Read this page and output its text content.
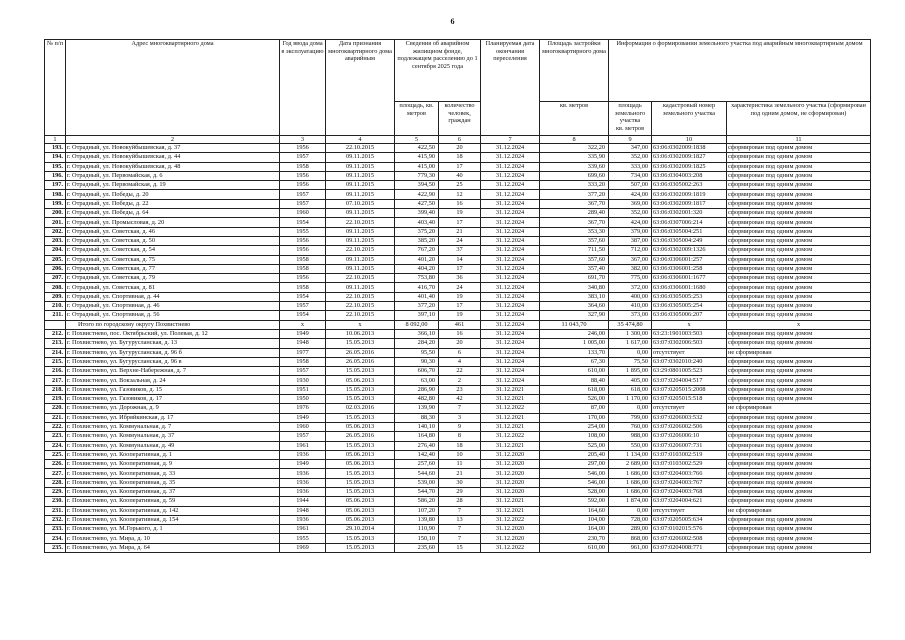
6
№ п/п	Адрес многоквартирного дома	Год ввода дома в эксплуатацию	Дата признания многоквартирного дома аварийным	Сведения об аварийном жилищном фонде, подлежащем расселению до 1 сентября 2025 года		Планируемая дата окончания переселения	Площадь застройки многоквартирного дома	Информация о формировании земельного участка под аварийным многоквартирным домом		
				площадь, кв. метров	количество человек, граждан		кв. метров	площадь земельного участка
кв. метров	кадастровый номер земельного участка	характеристика земельного участка (сформирован под одним домом, не сформирован)
1	2	3	4	5	6	7	8	9	10	11
193.	г. Отрадный, ул. Новокуйбышевская, д. 37	1956	22.10.2015	422,50	20	31.12.2024	322,20	347,00	63:06:0302009:1838	сформирован под одним домом
194.	г. Отрадный, ул. Новокуйбышевская, д. 44	1957	09.11.2015	415,90	18	31.12.2024	335,90	352,00	63:06:0302009:1827	сформирован под одним домом
195.	г. Отрадный, ул. Новокуйбышевская, д. 48	1958	09.11.2015	415,00	17	31.12.2024	339,60	333,00	63:06:0302009:1825	сформирован под одним домом
196.	г. Отрадный, ул. Первомайская, д. 6	1956	09.11.2015	779,30	40	31.12.2024	699,60	734,00	63:06:0304003:208	сформирован под одним домом
197.	г. Отрадный, ул. Первомайская, д. 19	1956	09.11.2015	394,50	25	31.12.2024	333,20	507,00	63:06:0305002:263	сформирован под одним домом
198.	г. Отрадный, ул. Победы, д. 20	1957	09.11.2015	422,90	12	31.12.2024	377,20	424,00	63:06:0302009:1819	сформирован под одним домом
199.	г. Отрадный, ул. Победы, д. 22	1957	07.10.2015	427,50	16	31.12.2024	367,70	369,00	63:06:0302009:1817	сформирован под одним домом
200.	г. Отрадный, ул. Победы, д. 64	1960	09.11.2015	399,40	19	31.12.2024	289,40	352,00	63:06:0302001:320	сформирован под одним домом
201.	г. Отрадный, ул. Промысловая, д. 20	1954	22.10.2015	403,40	17	31.12.2024	367,70	424,00	63:06:0307006:214	сформирован под одним домом
202.	г. Отрадный, ул. Советская, д. 46	1955	09.11.2015	375,20	21	31.12.2024	353,30	379,00	63:06:0305004:251	сформирован под одним домом
203.	г. Отрадный, ул. Советская, д. 50	1956	09.11.2015	385,20	24	31.12.2024	357,60	387,00	63:06:0305004:249	сформирован под одним домом
204.	г. Отрадный, ул. Советская, д. 54	1956	22.10.2015	767,20	37	31.12.2024	711,50	712,00	63:06:0302009:1326	сформирован под одним домом
205.	г. Отрадный, ул. Советская, д. 75	1958	09.11.2015	401,20	14	31.12.2024	357,60	367,00	63:06:0306001:257	сформирован под одним домом
206.	г. Отрадный, ул. Советская, д. 77	1958	09.11.2015	404,20	17	31.12.2024	357,40	382,00	63:06:0306001:258	сформирован под одним домом
207.	г. Отрадный, ул. Советская, д. 79	1956	22.10.2015	753,80	36	31.12.2024	691,70	775,00	63:06:0306001:1677	сформирован под одним домом
208.	г. Отрадный, ул. Советская, д. 81	1958	09.11.2015	416,70	24	31.12.2024	340,80	372,00	63:06:0306001:1680	сформирован под одним домом
209.	г. Отрадный, ул. Спортивная, д. 44	1954	22.10.2015	401,40	19	31.12.2024	383,10	400,00	63:06:0305005:253	сформирован под одним домом
210.	г. Отрадный, ул. Спортивная, д. 46	1957	22.10.2015	377,20	17	31.12.2024	364,60	410,00	63:06:0305005:254	сформирован под одним домом
211.	г. Отрадный, ул. Спортивная, д. 56	1954	22.10.2015	397,10	19	31.12.2024	327,90	373,00	63:06:0305006:207	сформирован под одним домом
	Итого по городскому округу Похвистнево	x	x	8 092,00	461	31.12.2024	11 043,70	35 474,80	x	x
212.	г. Похвистнево, пос. Октябрьский, ул. Полевая, д. 12	1949	10.06.2013	366,10	16	31.12.2024	246,00	1 300,00	63:23:1901003:503	сформирован под одним домом
213.	г. Похвистнево, ул. Бугурусланская, д. 13	1948	15.05.2013	284,20	20	31.12.2024	1 005,00	1 617,00	63:07:0302006:503	сформирован под одним домом
214.	г. Похвистнево, ул. Бугурусланская, д. 96 б	1977	26.05.2016	95,50	6	31.12.2024	133,70	0,00	отсутствует	не сформирован
215.	г. Похвистнево, ул. Бугурусланская, д. 96 в	1958	26.05.2016	90,30	4	31.12.2024	67,30	75,50	63:07:0302010:240	сформирован под одним домом
216.	г. Похвистнево, ул. Верхне-Набережная, д. 7	1957	15.05.2013	606,70	22	31.12.2024	610,00	1 895,00	63:29:0801005:523	сформирован под одним домом
217.	г. Похвистнево, ул. Вокзальная, д. 24	1930	05.06.2013	63,00	2	31.12.2024	88,40	405,00	63:07:0204004:517	сформирован под одним домом
218.	г. Похвистнево, ул. Газовиков, д. 15	1951	15.05.2013	286,90	23	31.12.2021	618,00	618,00	63:07:0205015:2008	сформирован под одним домом
219.	г. Похвистнево, ул. Газовиков, д. 17	1950	15.05.2013	482,80	42	31.12.2021	526,00	1 170,00	63:07:0205015:518	сформирован под одним домом
220.	г. Похвистнево, ул. Дорожная, д. 9	1976	02.03.2016	139,90	7	31.12.2022	87,00	0,00	отсутствует	не сформирован
221.	г. Похвистнево, ул. Ибряйкинская, д. 17	1949	15.05.2013	88,30	3	31.12.2021	170,00	799,00	63:07:0206003:532	сформирован под одним домом
222.	г. Похвистнево, ул. Коммунальная, д. 7	1960	05.06.2013	140,10	9	31.12.2021	254,00	760,00	63:07:0206002:506	сформирован под одним домом
223.	г. Похвистнево, ул. Коммунальная, д. 37	1957	26.05.2016	164,80	8	31.12.2022	108,00	988,00	63:07:0206006:10	сформирован под одним домом
224.	г. Похвистнево, ул. Коммунальная, д. 49	1961	15.05.2013	276,40	18	31.12.2021	525,00	550,00	63:07:0206007:731	сформирован под одним домом
225.	г. Похвистнево, ул. Кооперативная, д. 1	1936	05.06.2013	142,40	10	31.12.2020	205,40	1 134,00	63:07:0103002:519	сформирован под одним домом
226.	г. Похвистнево, ул. Кооперативная, д. 9	1949	05.06.2013	257,60	11	31.12.2020	297,00	2 689,00	63:07:0103002:529	сформирован под одним домом
227.	г. Похвистнево, ул. Кооперативная, д. 33	1936	15.05.2013	544,60	21	31.12.2020	546,00	1 686,00	63:07:0204003:766	сформирован под одним домом
228.	г. Похвистнево, ул. Кооперативная, д. 35	1936	15.05.2013	539,00	30	31.12.2020	546,00	1 686,00	63:07:0204003:767	сформирован под одним домом
229.	г. Похвистнево, ул. Кооперативная, д. 37	1936	15.05.2013	544,70	29	31.12.2020	528,00	1 686,00	63:07:0204003:768	сформирован под одним домом
230.	г. Похвистнево, ул. Кооперативная, д. 59	1944	05.06.2013	586,20	28	31.12.2021	592,00	1 874,00	63:07:0204004:621	сформирован под одним домом
231.	г. Похвистнево, ул. Кооперативная, д. 142	1948	05.06.2013	107,20	7	31.12.2021	164,60	0,00	отсутствует	не сформирован
232.	г. Похвистнево, ул. Кооперативная, д. 154	1936	05.06.2013	139,80	13	31.12.2022	104,00	728,00	63:07:0205005:634	сформирован под одним домом
233.	г. Похвистнево, ул. М.Горького, д. 1	1961	29.10.2014	110,90	7	31.12.2020	164,00	289,00	63:07:0102015:576	сформирован под одним домом
234.	г. Похвистнево, ул. Мира, д. 10	1955	15.05.2013	150,10	7	31.12.2020	230,70	868,00	63:07:0206002:508	сформирован под одним домом
235.	г. Похвистнево, ул. Мира, д. 64	1969	15.05.2013	235,60	15	31.12.2022	610,00	961,00	63:07:0204008:771	сформирован под одним домом
